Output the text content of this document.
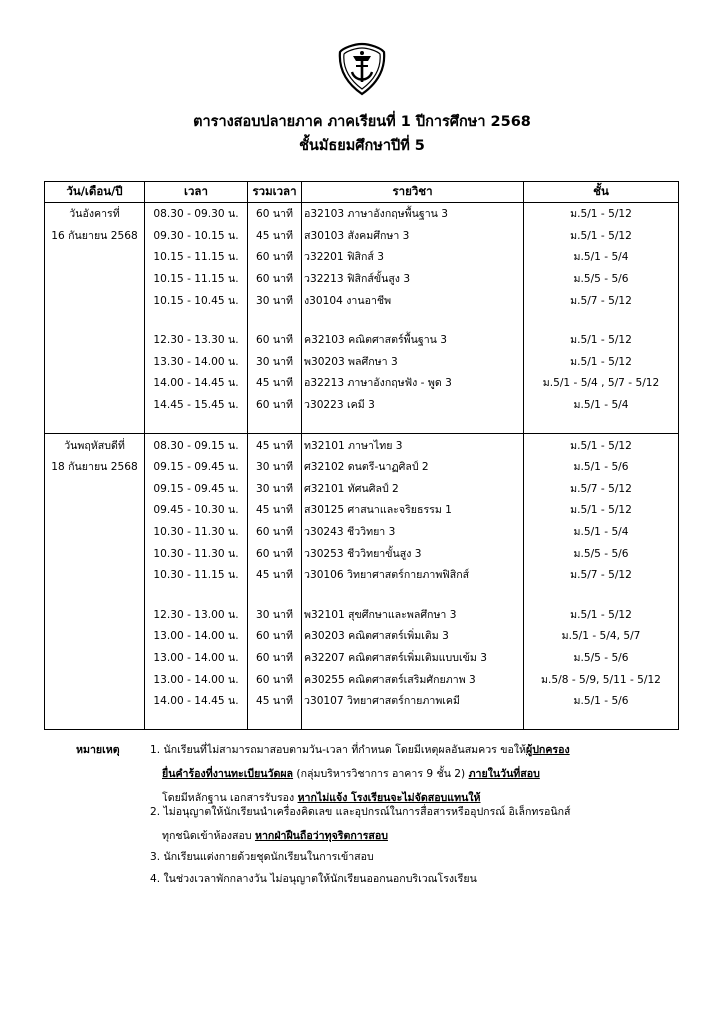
ตารางสอบปลายภาค ภาคเรียนที่ 1 ปีการศึกษา 2568
ชั้นมัธยมศึกษาปีที่ 5
วัน/เดือน/ปี	เวลา	รวมเวลา	รายวิชา	ชั้น
วันอังคารที่	08.30 - 09.30 น.	60 นาที	อ32103 ภาษาอังกฤษพื้นฐาน 3	ม.5/1 - 5/12
16 กันยายน 2568	09.30 - 10.15 น.	45 นาที	ส30103 สังคมศึกษา 3	ม.5/1 - 5/12
	10.15 - 11.15 น.	60 นาที	ว32201 ฟิสิกส์ 3	ม.5/1 - 5/4
	10.15 - 11.15 น.	60 นาที	ว32213 ฟิสิกส์ขั้นสูง 3	ม.5/5 - 5/6
	10.15 - 10.45 น.	30 นาที	ง30104 งานอาชีพ	ม.5/7 - 5/12

	12.30 - 13.30 น.	60 นาที	ค32103 คณิตศาสตร์พื้นฐาน 3	ม.5/1 - 5/12
	13.30 - 14.00 น.	30 นาที	พ30203 พลศึกษา 3	ม.5/1 - 5/12
	14.00 - 14.45 น.	45 นาที	อ32213 ภาษาอังกฤษฟัง - พูด 3	ม.5/1 - 5/4 , 5/7 - 5/12
	14.45 - 15.45 น.	60 นาที	ว30223 เคมี 3	ม.5/1 - 5/4

วันพฤหัสบดีที่	08.30 - 09.15 น.	45 นาที	ท32101 ภาษาไทย 3	ม.5/1 - 5/12
18 กันยายน 2568	09.15 - 09.45 น.	30 นาที	ศ32102 ดนตรี-นาฏศิลป์ 2	ม.5/1 - 5/6
	09.15 - 09.45 น.	30 นาที	ศ32101 ทัศนศิลป์ 2	ม.5/7 - 5/12
	09.45 - 10.30 น.	45 นาที	ส30125 ศาสนาและจริยธรรม 1	ม.5/1 - 5/12
	10.30 - 11.30 น.	60 นาที	ว30243 ชีววิทยา 3	ม.5/1 - 5/4
	10.30 - 11.30 น.	60 นาที	ว30253 ชีววิทยาขั้นสูง 3	ม.5/5 - 5/6
	10.30 - 11.15 น.	45 นาที	ว30106 วิทยาศาสตร์กายภาพฟิสิกส์	ม.5/7 - 5/12

	12.30 - 13.00 น.	30 นาที	พ32101 สุขศึกษาและพลศึกษา 3	ม.5/1 - 5/12
	13.00 - 14.00 น.	60 นาที	ค30203 คณิตศาสตร์เพิ่มเติม 3	ม.5/1 - 5/4, 5/7
	13.00 - 14.00 น.	60 นาที	ค32207 คณิตศาสตร์เพิ่มเติมแบบเข้ม 3	ม.5/5 - 5/6
	13.00 - 14.00 น.	60 นาที	ค30255 คณิตศาสตร์เสริมศักยภาพ 3	ม.5/8 - 5/9, 5/11 - 5/12
	14.00 - 14.45 น.	45 นาที	ว30107 วิทยาศาสตร์กายภาพเคมี	ม.5/1 - 5/6

หมายเหตุ	1. นักเรียนที่ไม่สามารถมาสอบตามวัน-เวลา ที่กำหนด โดยมีเหตุผลอันสมควร ขอให้ผู้ปกครอง
ยื่นคำร้องที่งานทะเบียนวัดผล (กลุ่มบริหารวิชาการ อาคาร 9 ชั้น 2) ภายในวันที่สอบ
โดยมีหลักฐาน เอกสารรับรอง หากไม่แจ้ง โรงเรียนจะไม่จัดสอบแทนให้
2. ไม่อนุญาตให้นักเรียนนำเครื่องคิดเลข และอุปกรณ์ในการสื่อสารหรืออุปกรณ์ อิเล็กทรอนิกส์
ทุกชนิดเข้าห้องสอบ หากฝ่าฝืนถือว่าทุจริตการสอบ
3. นักเรียนแต่งกายด้วยชุดนักเรียนในการเข้าสอบ
4. ในช่วงเวลาพักกลางวัน ไม่อนุญาตให้นักเรียนออกนอกบริเวณโรงเรียน
